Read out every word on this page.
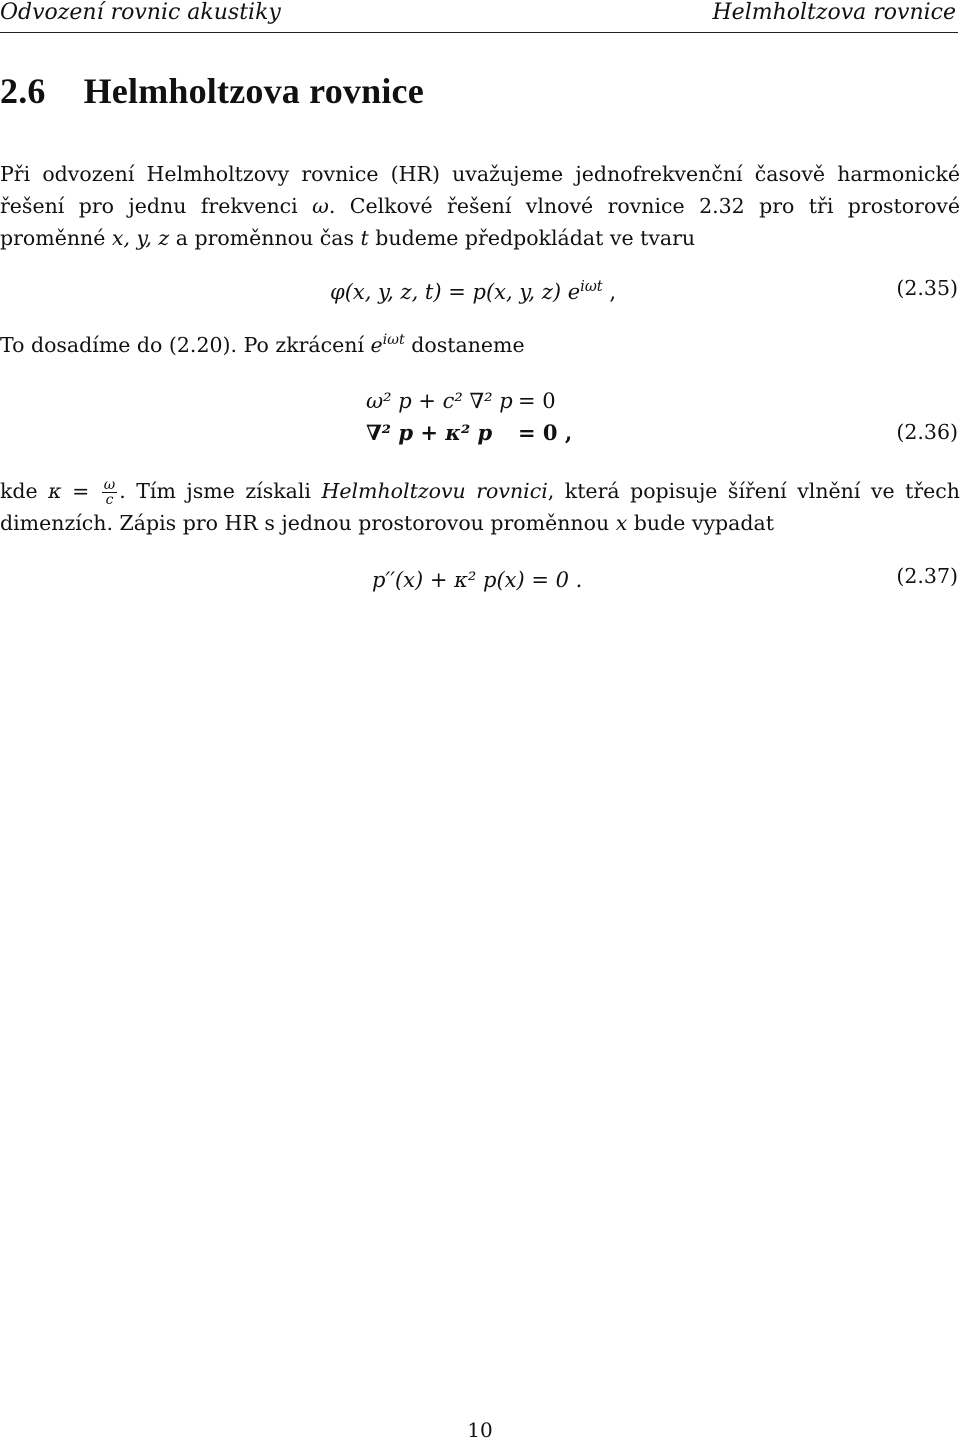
Odvození rovnic akustiky	Helmholtzova rovnice
2.6 Helmholtzova rovnice
Při odvození Helmholtzovy rovnice (HR) uvažujeme jednofrekvenční časově harmonické řešení pro jednu frekvenci ω. Celkové řešení vlnové rovnice 2.32 pro tři prostorové proměnné x, y, z a proměnnou čas t budeme předpokládat ve tvaru
φ(x, y, z, t) = p(x, y, z) $e^{i\omega t}$ ,	(2.35)
To dosadíme do (2.20). Po zkrácení $e^{i\omega t}$ dostaneme
ω² p + c² ∇² p = 0
∇² p + κ² p = 0 ,	(2.36)
kde $\kappa = \frac{\omega}{c}$ . Tím jsme získali Helmholtzovu rovnici, která popisuje šíření vlnění ve třech dimenzích. Zápis pro HR s jednou prostorovou proměnnou x bude vypadat
p′′(x) + κ² p(x) = 0 .	(2.37)
10
